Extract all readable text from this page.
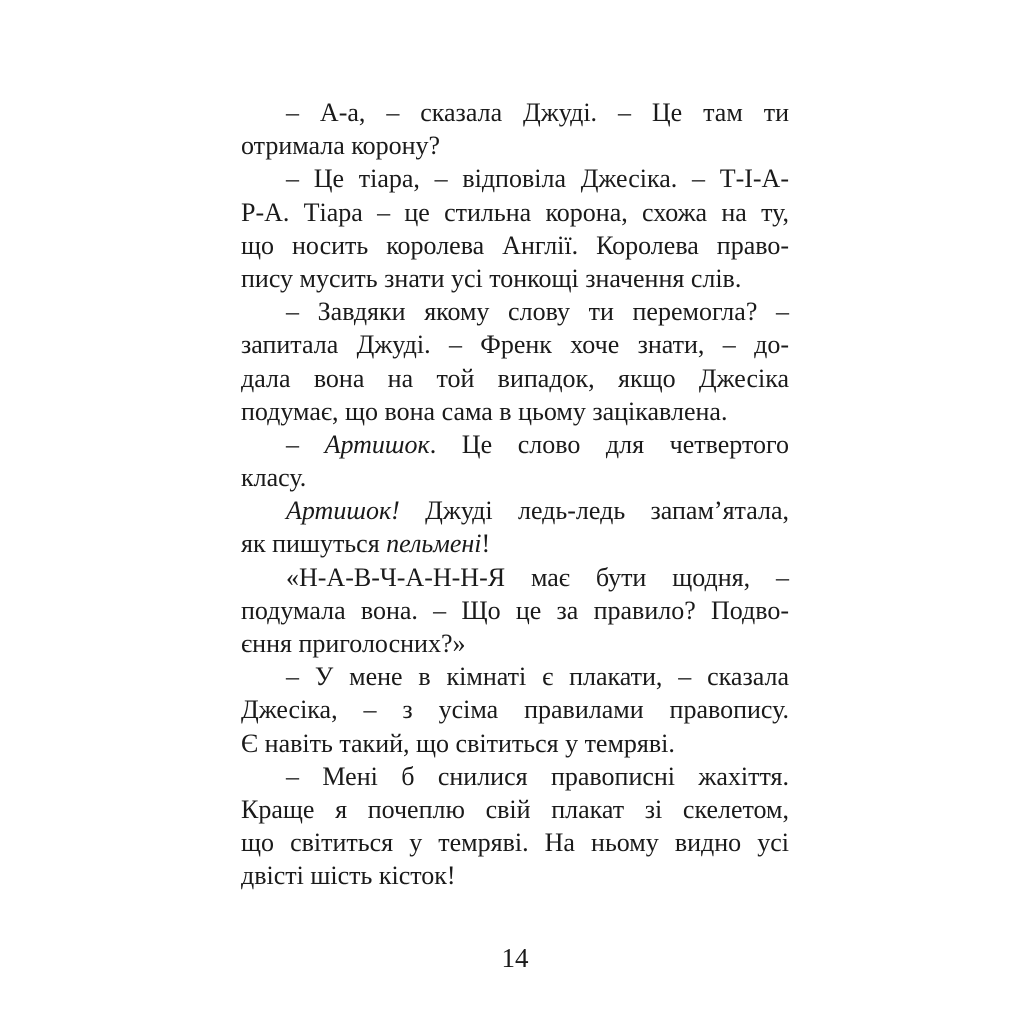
– А-а, – сказала Джуді. – Це там ти
отримала корону?
– Це тіара, – відповіла Джесіка. – Т-І-А-
Р-А. Тіара – це стильна корона, схожа на ту,
що носить королева Англії. Королева право-
пису мусить знати усі тонкощі значення слів.
– Завдяки якому слову ти перемогла? –
запитала Джуді. – Френк хоче знати, – до-
дала вона на той випадок, якщо Джесіка
подумає, що вона сама в цьому зацікавлена.
– Артишок. Це слово для четвертого
класу.
Артишок! Джуді ледь-ледь запам’ятала,
як пишуться пельмені!
«Н-А-В-Ч-А-Н-Н-Я має бути щодня, –
подумала вона. – Що це за правило? Подво-
єння приголосних?»
– У мене в кімнаті є плакати, – сказала
Джесіка, – з усіма правилами правопису.
Є навіть такий, що світиться у темряві.
– Мені б снилися правописні жахіття.
Краще я почеплю свій плакат зі скелетом,
що світиться у темряві. На ньому видно усі
двісті шість кісток!
14
